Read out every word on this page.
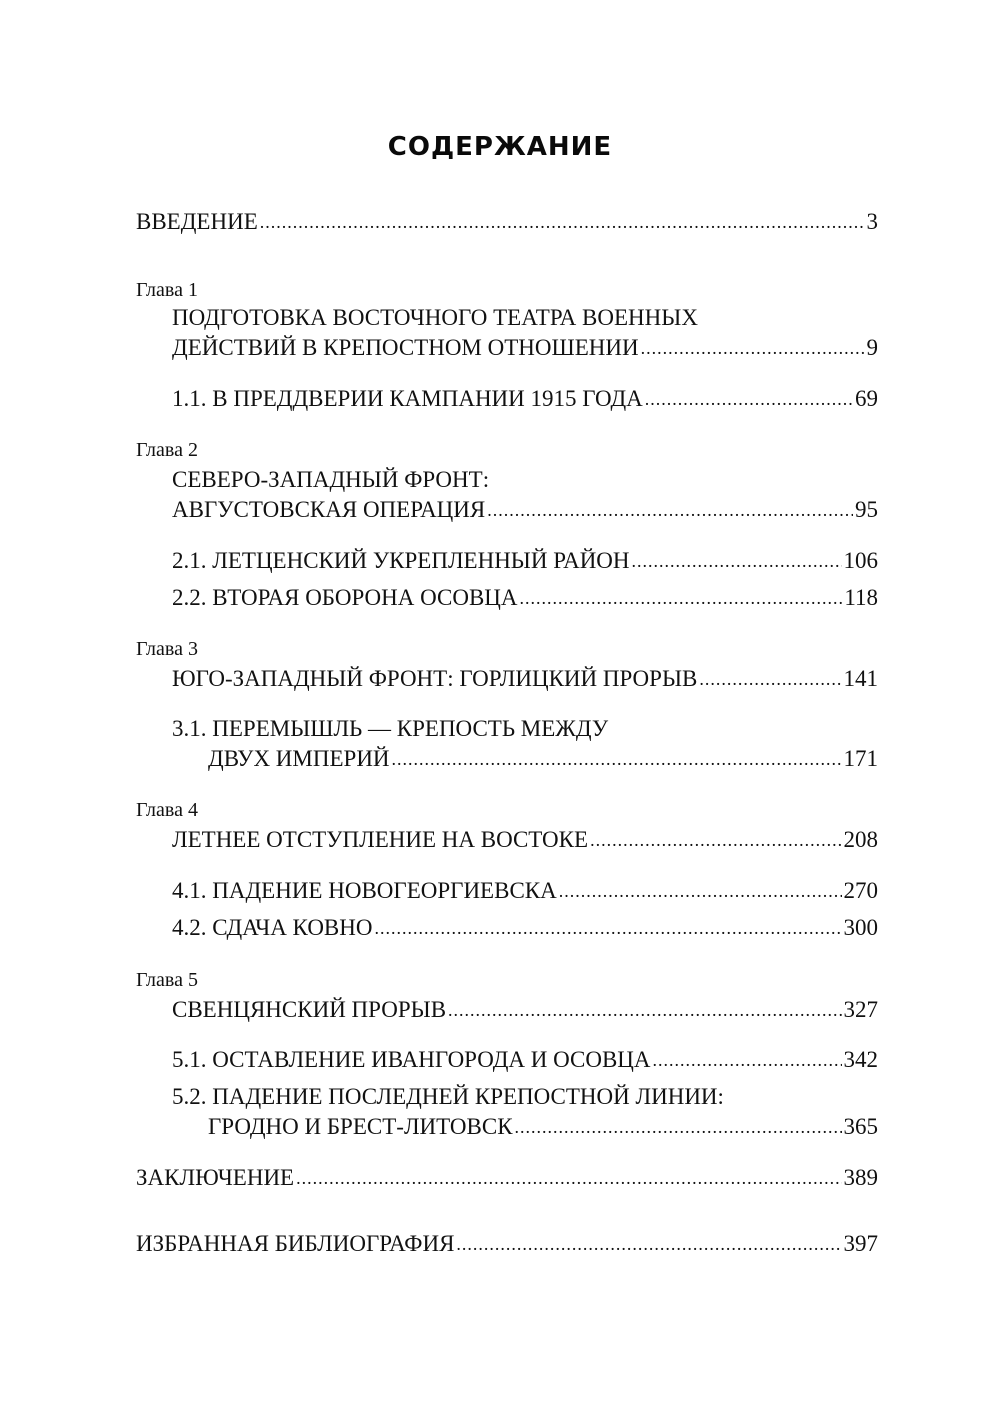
СОДЕРЖАНИЕ
ВВЕДЕНИЕ .....	3
Глава 1
ПОДГОТОВКА ВОСТОЧНОГО ТЕАТРА ВОЕННЫХ
ДЕЙСТВИЙ В КРЕПОСТНОМ ОТНОШЕНИИ .....	9
1.1. В ПРЕДДВЕРИИ КАМПАНИИ 1915 ГОДА .....	69
Глава 2
СЕВЕРО-ЗАПАДНЫЙ ФРОНТ:
АВГУСТОВСКАЯ ОПЕРАЦИЯ .....	95
2.1. ЛЕТЦЕНСКИЙ УКРЕПЛЕННЫЙ РАЙОН .....	106
2.2. ВТОРАЯ ОБОРОНА ОСОВЦА .....	118
Глава 3
ЮГО-ЗАПАДНЫЙ ФРОНТ: ГОРЛИЦКИЙ ПРОРЫВ .....	141
3.1. ПЕРЕМЫШЛЬ — КРЕПОСТЬ МЕЖДУ
ДВУХ ИМПЕРИЙ .....	171
Глава 4
ЛЕТНЕЕ ОТСТУПЛЕНИЕ НА ВОСТОКЕ .....	208
4.1. ПАДЕНИЕ НОВОГЕОРГИЕВСКА .....	270
4.2. СДАЧА КОВНО .....	300
Глава 5
СВЕНЦЯНСКИЙ ПРОРЫВ .....	327
5.1. ОСТАВЛЕНИЕ ИВАНГОРОДА И ОСОВЦА .....	342
5.2. ПАДЕНИЕ ПОСЛЕДНЕЙ КРЕПОСТНОЙ ЛИНИИ:
ГРОДНО И БРЕСТ-ЛИТОВСК .....	365
ЗАКЛЮЧЕНИЕ .....	389
ИЗБРАННАЯ БИБЛИОГРАФИЯ .....	397
